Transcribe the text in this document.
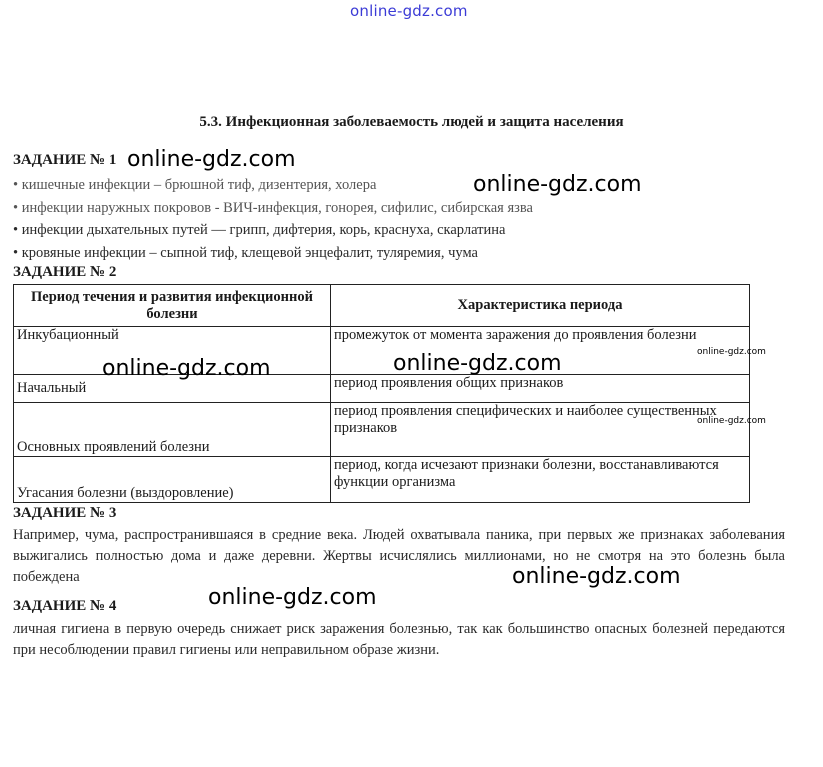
online-gdz.com
5.3. Инфекционная заболеваемость людей и защита населения
ЗАДАНИЕ № 1
• кишечные инфекции – брюшной тиф, дизентерия, холера
• инфекции наружных покровов - ВИЧ-инфекция, гонорея, сифилис, сибирская язва
• инфекции дыхательных путей — грипп, дифтерия, корь, краснуха, скарлатина
• кровяные инфекции – сыпной тиф, клещевой энцефалит, туляремия, чума
ЗАДАНИЕ № 2
Период течения и развития инфекционной болезни	Характеристика периода
Инкубационный	промежуток от момента заражения до проявления болезни
Начальный	период проявления общих признаков
Основных проявлений болезни	период проявления специфических и наиболее существенных признаков
Угасания болезни (выздоровление)	период, когда исчезают признаки болезни, восстанавливаются функции организма
ЗАДАНИЕ № 3
Например, чума, распространившаяся в средние века. Людей охватывала паника, при первых же признаках заболевания выжигались полностью дома и даже деревни. Жертвы исчислялись миллионами, но не смотря на это болезнь была побеждена
ЗАДАНИЕ № 4
личная гигиена в первую очередь снижает риск заражения болезнью, так как большинство опасных болезней передаются при несоблюдении правил гигиены или неправильном образе жизни.
online-gdz.com
online-gdz.com
online-gdz.com
online-gdz.com
online-gdz.com
online-gdz.com
online-gdz.com
online-gdz.com
